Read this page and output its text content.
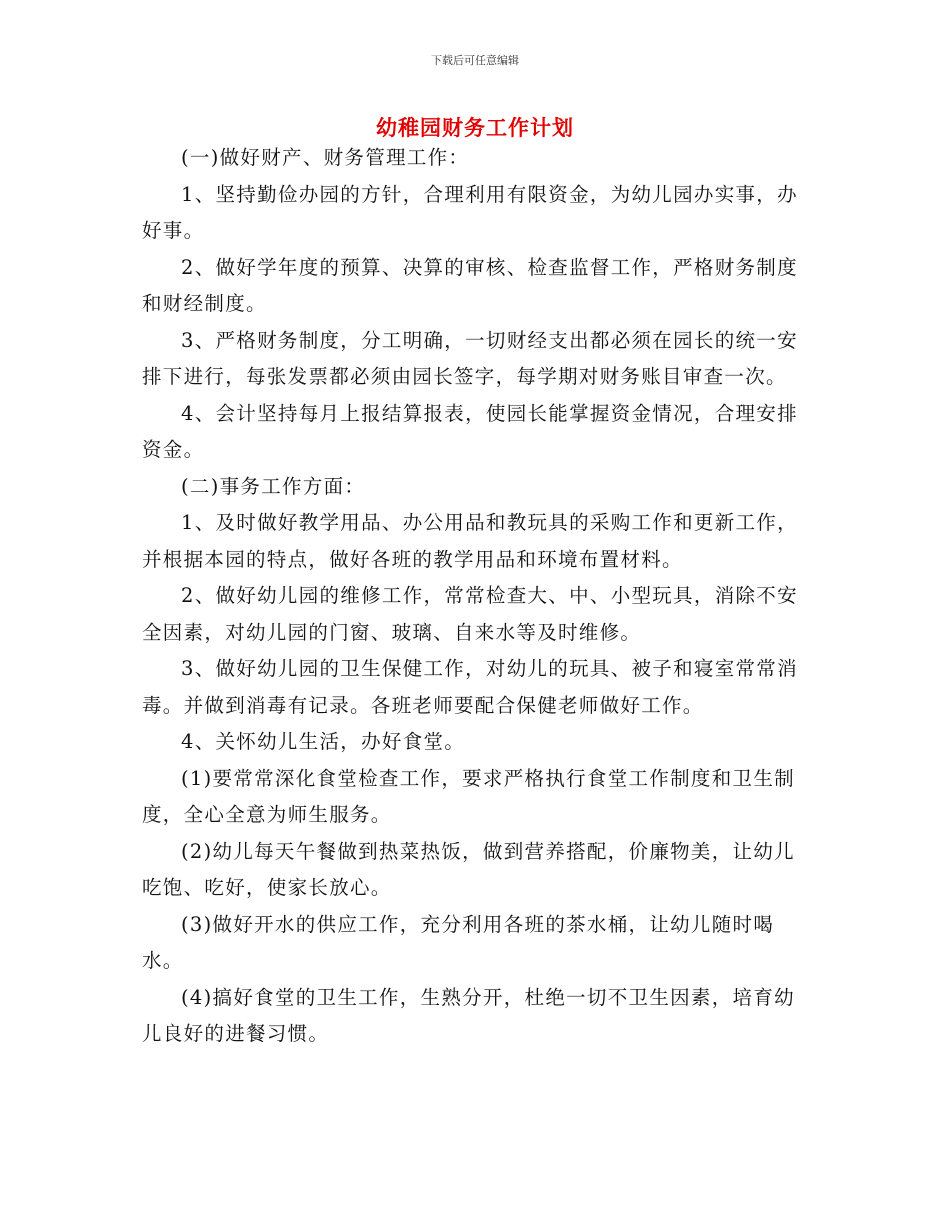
下载后可任意编辑
幼稚园财务工作计划

(一)做好财产、财务管理工作：

1、坚持勤俭办园的方针，合理利用有限资金，为幼儿园办实事，办好事。

2、做好学年度的预算、决算的审核、检查监督工作，严格财务制度和财经制度。

3、严格财务制度，分工明确，一切财经支出都必须在园长的统一安排下进行，每张发票都必须由园长签字，每学期对财务账目审查一次。

4、会计坚持每月上报结算报表，使园长能掌握资金情况，合理安排资金。

(二)事务工作方面：

1、及时做好教学用品、办公用品和教玩具的采购工作和更新工作，并根据本园的特点，做好各班的教学用品和环境布置材料。

2、做好幼儿园的维修工作，常常检查大、中、小型玩具，消除不安全因素，对幼儿园的门窗、玻璃、自来水等及时维修。

3、做好幼儿园的卫生保健工作，对幼儿的玩具、被子和寝室常常消毒。并做到消毒有记录。各班老师要配合保健老师做好工作。

4、关怀幼儿生活，办好食堂。

(1)要常常深化食堂检查工作，要求严格执行食堂工作制度和卫生制度，全心全意为师生服务。

(2)幼儿每天午餐做到热菜热饭，做到营养搭配，价廉物美，让幼儿吃饱、吃好，使家长放心。

(3)做好开水的供应工作，充分利用各班的茶水桶，让幼儿随时喝水。

(4)搞好食堂的卫生工作，生熟分开，杜绝一切不卫生因素，培育幼儿良好的进餐习惯。
